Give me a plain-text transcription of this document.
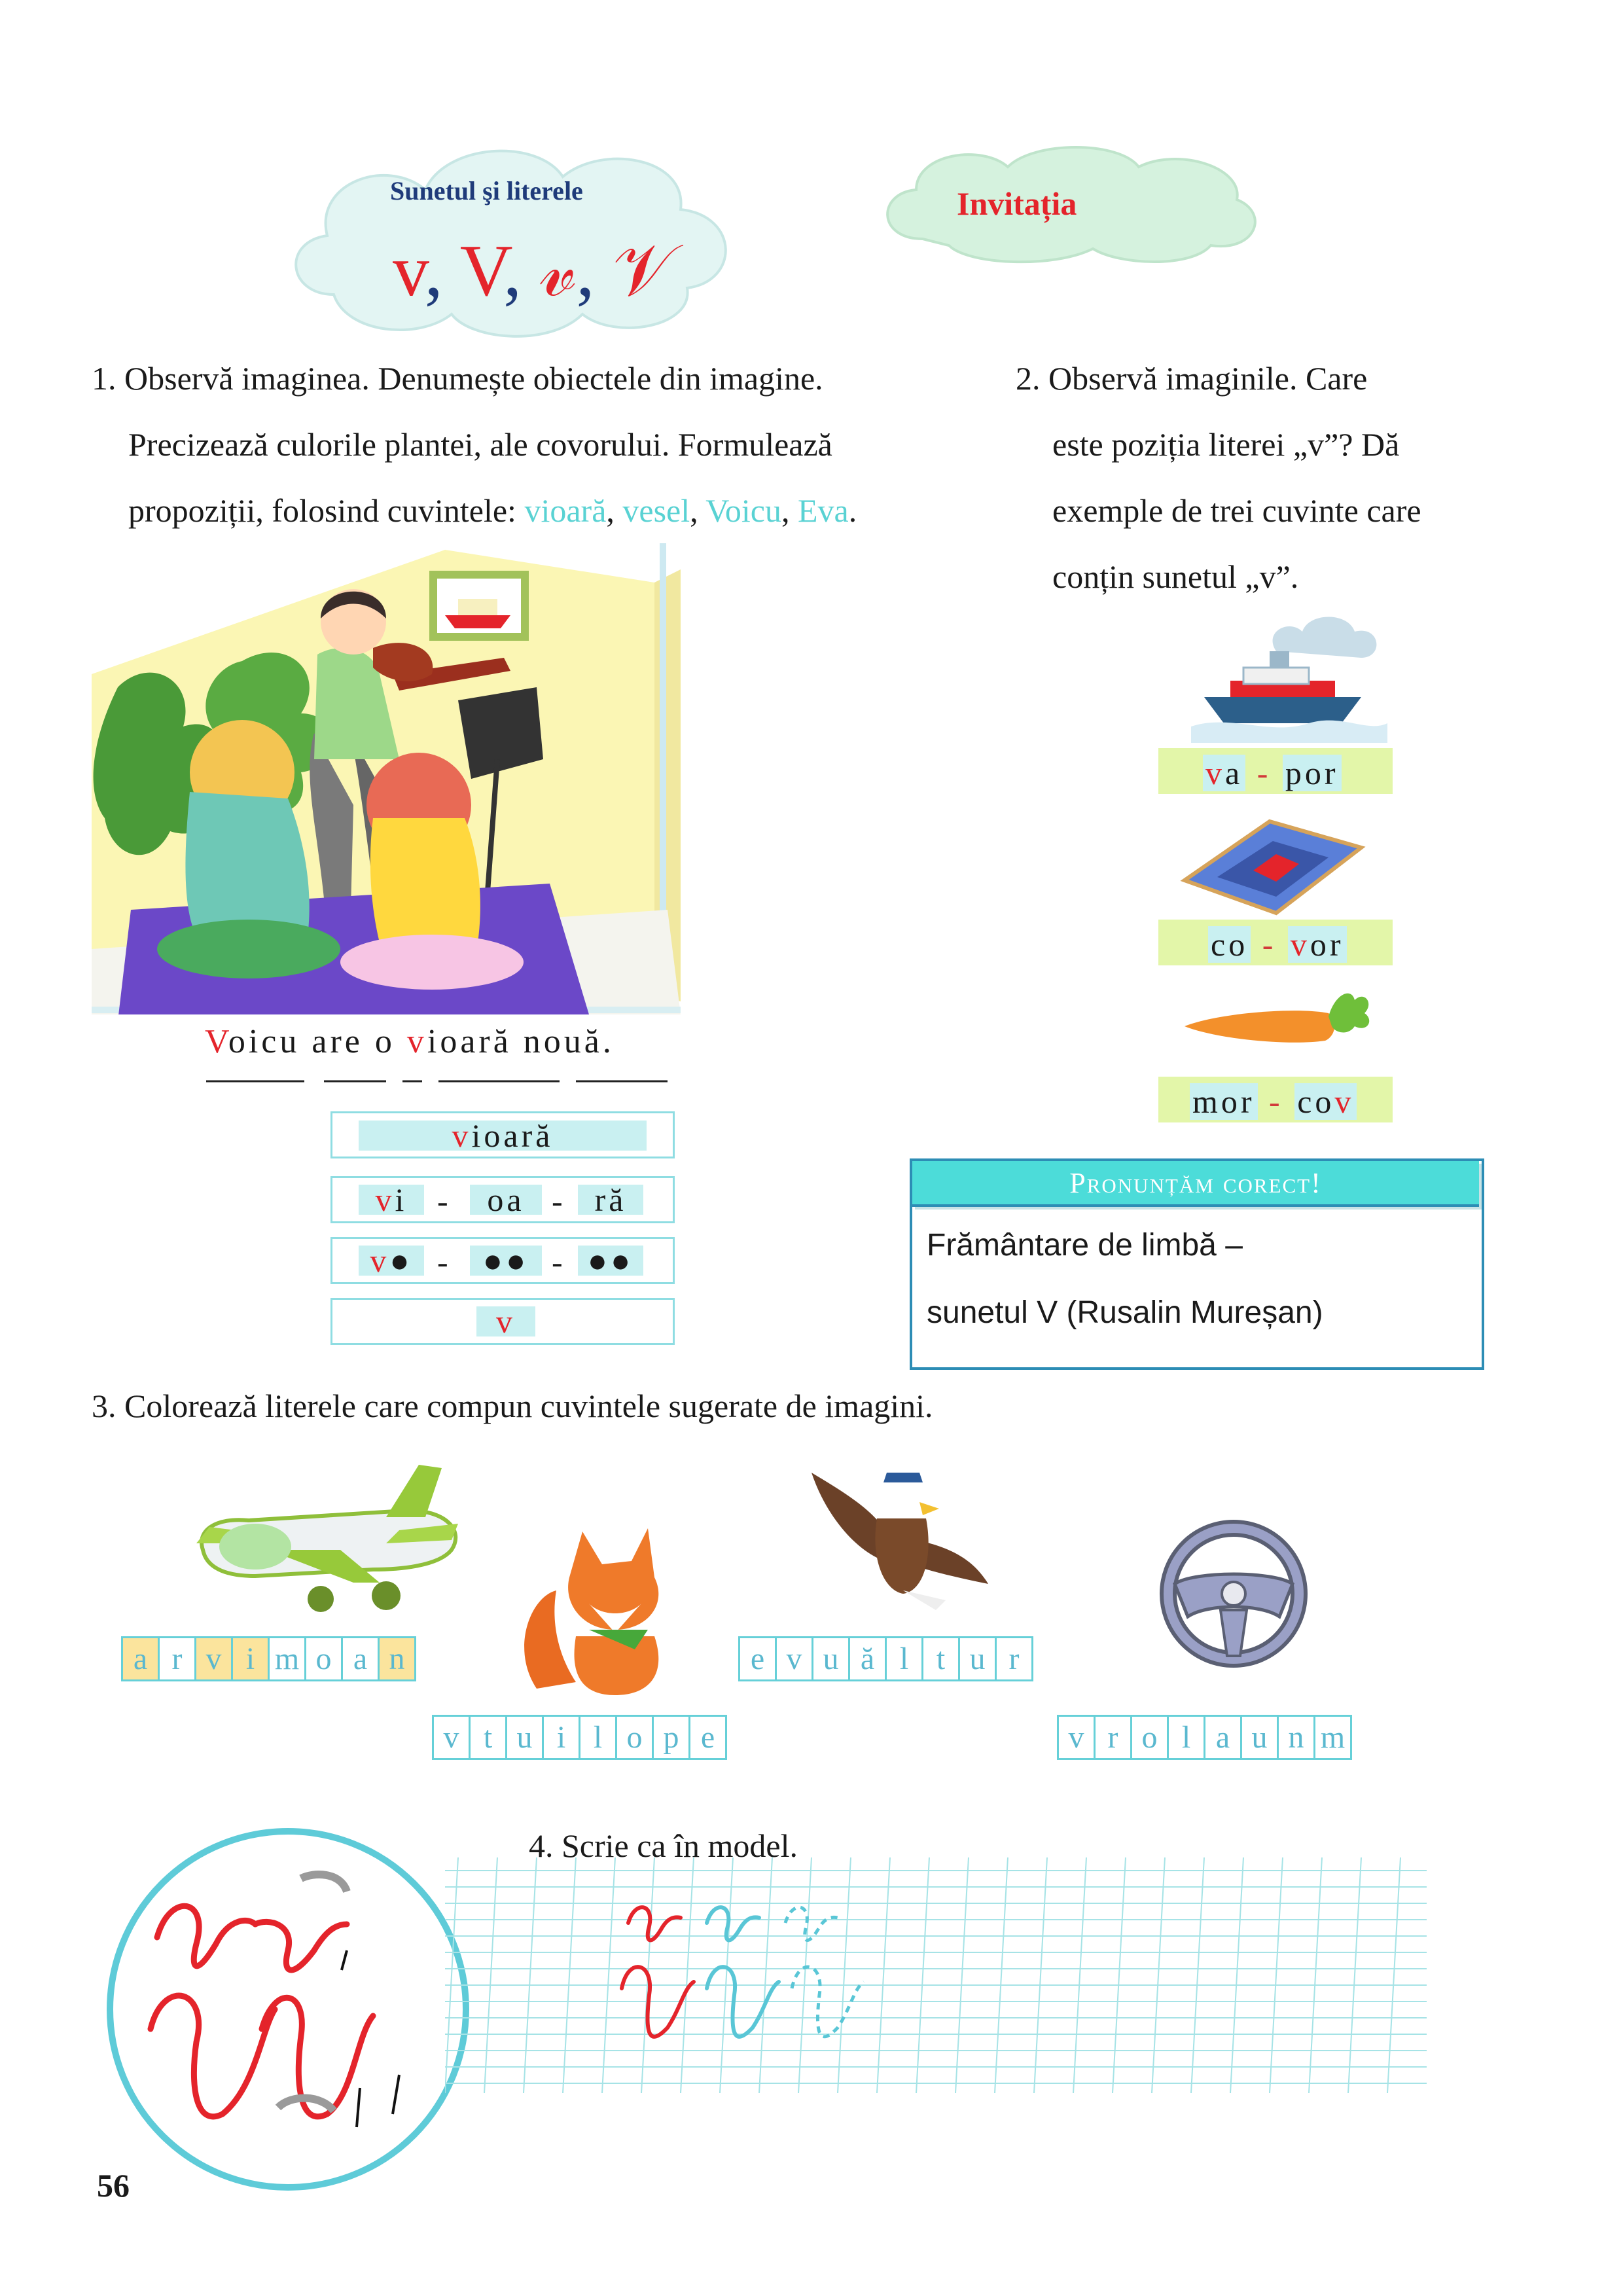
Sunetul şi literele
v, V, 𝓋, 𝒱
Invitația
1. Observă imaginea. Denumește obiectele din imagine.
Precizează culorile plantei, ale covorului. Formulează
propoziții, folosind cuvintele: vioară, vesel, Voicu, Eva.
Voicu are o vioară nouă.
vioară
vi -	oa - ră
v● -	●● - ●●
v
2. Observă imaginile. Care
este poziția literei „v”? Dă
exemple de trei cuvinte care
conțin sunetul „v”.
va - por
co - vor
mor - cov
Pronunțăm corect!
Frământare de limbă –
sunetul V (Rusalin Mureșan)
3. Colorează literele care compun cuvintele sugerate de imagini.
a r v i m o a n
v t u i l o p e
e v u ă l t u r
v r o l a u n m
4. Scrie ca în model.
56
